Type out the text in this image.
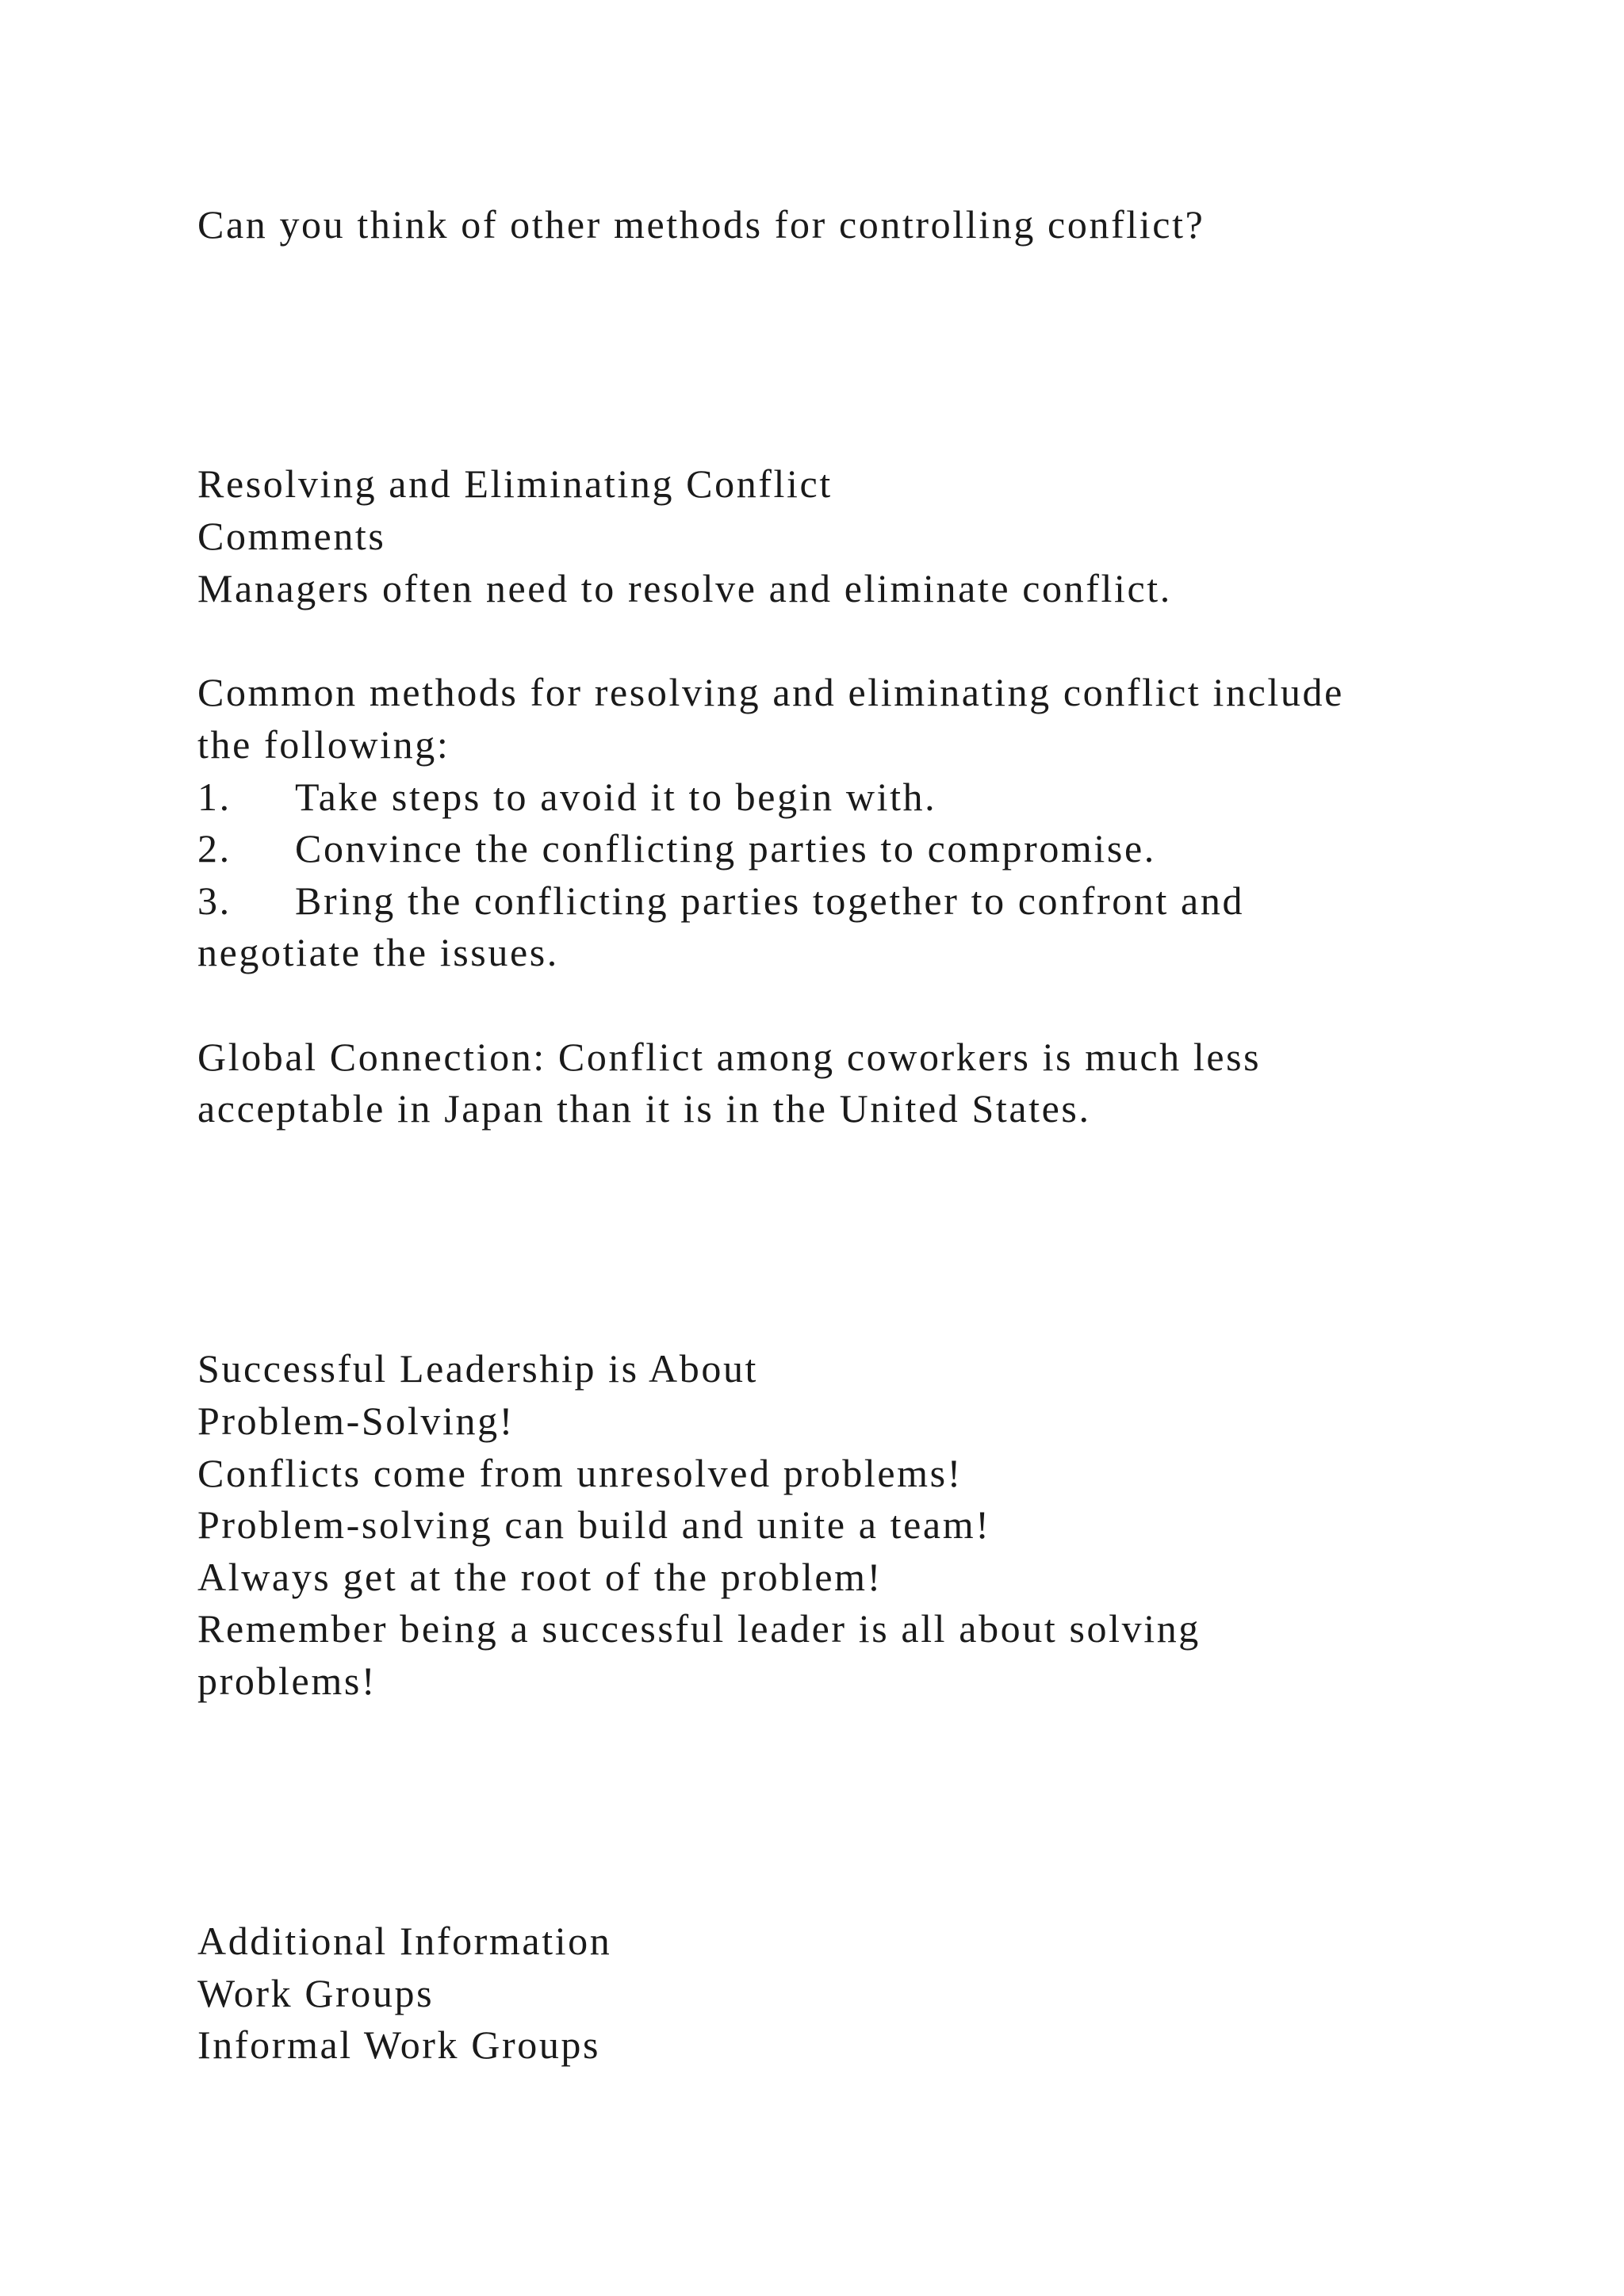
Can you think of other methods for controlling conflict?
Resolving and Eliminating Conflict
Comments
Managers often need to resolve and eliminate conflict.
Common methods for resolving and eliminating conflict include
the following:
1. Take steps to avoid it to begin with.
2. Convince the conflicting parties to compromise.
3. Bring the conflicting parties together to confront and
negotiate the issues.
Global Connection: Conflict among coworkers is much less
acceptable in Japan than it is in the United States.
Successful Leadership is About
Problem-Solving!
Conflicts come from unresolved problems!
Problem-solving can build and unite a team!
Always get at the root of the problem!
Remember being a successful leader is all about solving
problems!
Additional Information
Work Groups
Informal Work Groups
